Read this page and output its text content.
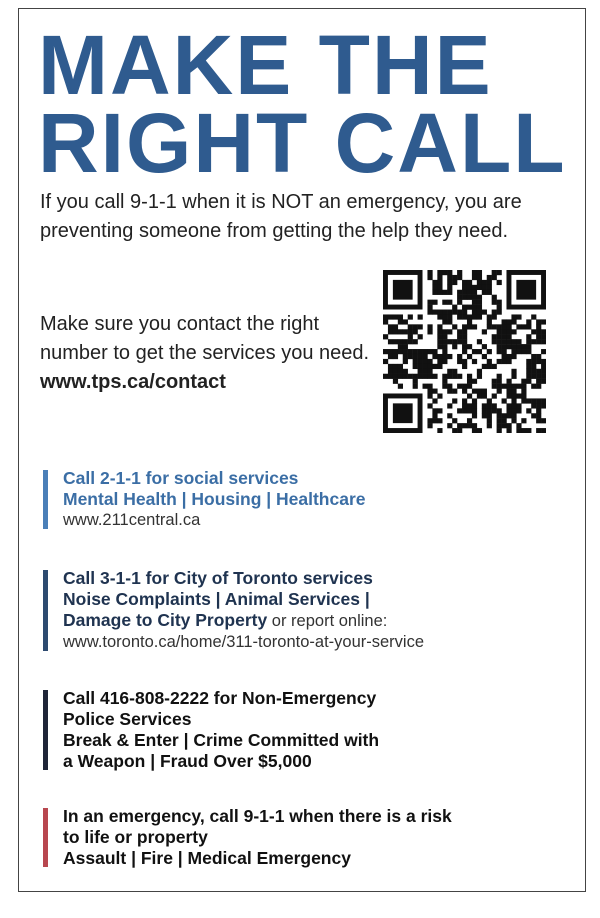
MAKE THE
RIGHT CALL
If you call 9-1-1 when it is NOT an emergency, you are preventing someone from getting the help they need.
Make sure you contact the right number to get the services you need.
www.tps.ca/contact
Call 2-1-1 for social services
Mental Health | Housing | Healthcare
www.211central.ca
Call 3-1-1 for City of Toronto services
Noise Complaints | Animal Services |
Damage to City Property or report online:
www.toronto.ca/home/311-toronto-at-your-service
Call 416-808-2222 for Non-Emergency
Police Services
Break & Enter | Crime Committed with
a Weapon | Fraud Over $5,000
In an emergency, call 9-1-1 when there is a risk
to life or property
Assault | Fire | Medical Emergency
